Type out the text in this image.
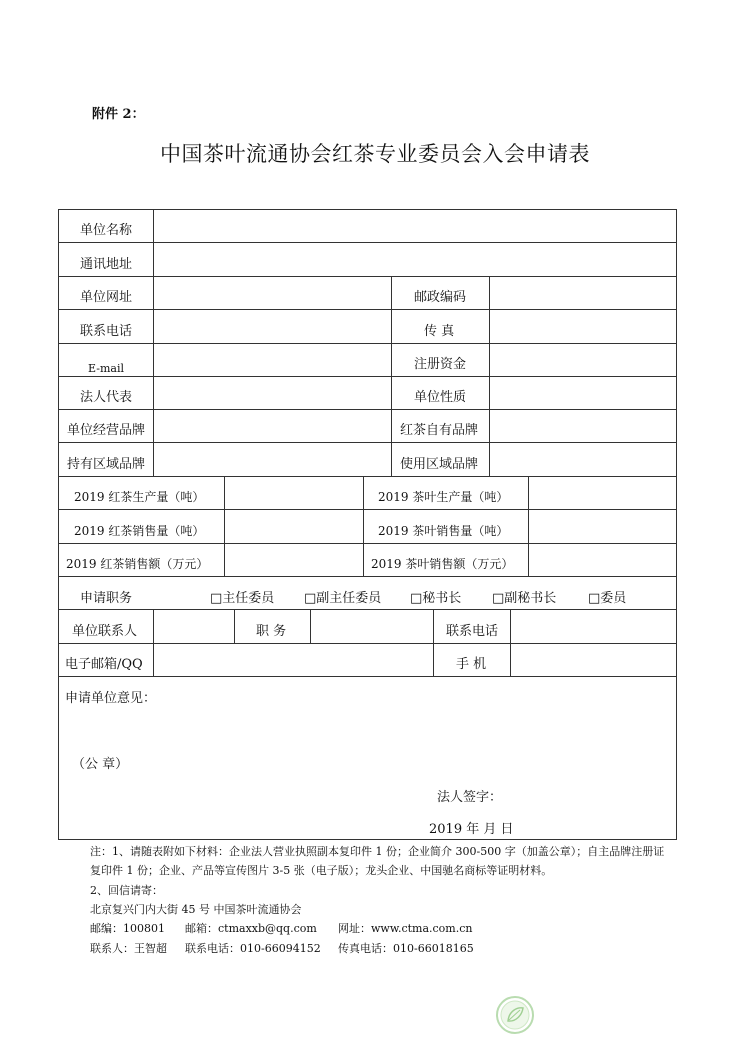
附件 2：
中国茶叶流通协会红茶专业委员会入会申请表
单位名称
通讯地址
单位网址	邮政编码
联系电话	传 真
E-mail	注册资金
法人代表	单位性质
单位经营品牌	红茶自有品牌
持有区域品牌	使用区域品牌
2019 红茶生产量（吨）	2019 茶叶生产量（吨）
2019 红茶销售量（吨）	2019 茶叶销售量（吨）
2019 红茶销售额（万元）	2019 茶叶销售额（万元）
申请职务	□主任委员 □副主任委员 □秘书长 □副秘书长 □委员
单位联系人	职 务	联系电话
电子邮箱/QQ	手 机
申请单位意见：
（公 章）
法人签字：
2019 年 月 日
注：1、请随表附如下材料：企业法人营业执照副本复印件 1 份；企业简介 300-500 字（加盖公章）；自主品牌注册证
复印件 1 份；企业、产品等宣传图片 3-5 张（电子版）；龙头企业、中国驰名商标等证明材料。
2、回信请寄：
北京复兴门内大街 45 号 中国茶叶流通协会
邮编：100801 邮箱：ctmaxxb@qq.com 网址：www.ctma.com.cn
联系人：王智超 联系电话：010-66094152 传真电话：010-66018165
